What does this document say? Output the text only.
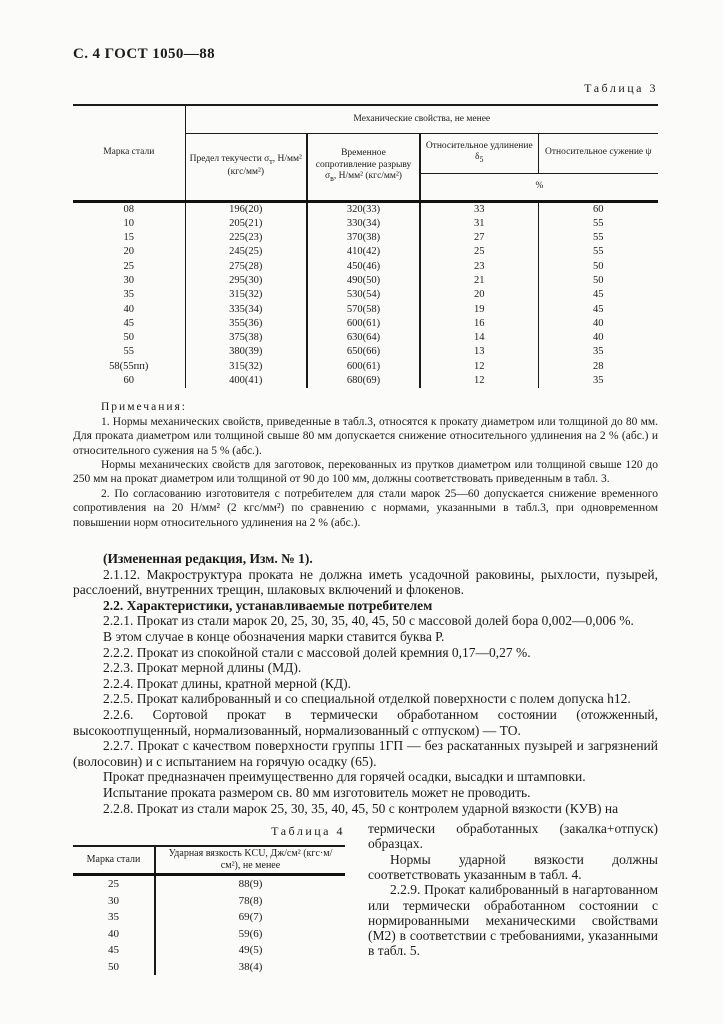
С. 4 ГОСТ 1050—88
Таблица 3
Марка стали	Механические свойства, не менее			
	Предел текучести $\sigma_т$, Н/мм² (кгс/мм²)	Временное сопротивление разрыву $\sigma_в$, Н/мм² (кгс/мм²)	Относительное удлинение $\delta_5$	Относительное сужение ψ
			%	
08	196(20)	320(33)	33	60
10	205(21)	330(34)	31	55
15	225(23)	370(38)	27	55
20	245(25)	410(42)	25	55
25	275(28)	450(46)	23	50
30	295(30)	490(50)	21	50
35	315(32)	530(54)	20	45
40	335(34)	570(58)	19	45
45	355(36)	600(61)	16	40
50	375(38)	630(64)	14	40
55	380(39)	650(66)	13	35
58(55пп)	315(32)	600(61)	12	28
60	400(41)	680(69)	12	35
Примечания:

1. Нормы механических свойств, приведенные в табл.3, относятся к прокату диаметром или толщиной до 80 мм. Для проката диаметром или толщиной свыше 80 мм допускается снижение относительного удлинения на 2 % (абс.) и относительного сужения на 5 % (абс.).

Нормы механических свойств для заготовок, перекованных из прутков диаметром или толщиной свыше 120 до 250 мм на прокат диаметром или толщиной от 90 до 100 мм, должны соответствовать приведенным в табл. 3.

2. По согласованию изготовителя с потребителем для стали марок 25—60 допускается снижение временного сопротивления на 20 Н/мм² (2 кгс/мм²) по сравнению с нормами, указанными в табл.3, при одновременном повышении норм относительного удлинения на 2 % (абс.).

(Измененная редакция, Изм. № 1).

2.1.12. Макроструктура проката не должна иметь усадочной раковины, рыхлости, пузырей, расслоений, внутренних трещин, шлаковых включений и флокенов.

2.2. Характеристики, устанавливаемые потребителем

2.2.1. Прокат из стали марок 20, 25, 30, 35, 40, 45, 50 с массовой долей бора 0,002—0,006 %.

В этом случае в конце обозначения марки ставится буква Р.

2.2.2. Прокат из спокойной стали с массовой долей кремния 0,17—0,27 %.

2.2.3. Прокат мерной длины (МД).

2.2.4. Прокат длины, кратной мерной (КД).

2.2.5. Прокат калиброванный и со специальной отделкой поверхности с полем допуска h12.

2.2.6. Сортовой прокат в термически обработанном состоянии (отожженный, высокоотпущенный, нормализованный, нормализованный с отпуском) — ТО.

2.2.7. Прокат с качеством поверхности группы 1ГП — без раскатанных пузырей и загрязнений (волосовин) и с испытанием на горячую осадку (65).

Прокат предназначен преимущественно для горячей осадки, высадки и штамповки.

Испытание проката размером св. 80 мм изготовитель может не проводить.

2.2.8. Прокат из стали марок 25, 30, 35, 40, 45, 50 с контролем ударной вязкости (КУВ) на

Таблица 4
Марка стали	Ударная вязкость KCU, Дж/см² (кгс·м/см²), не менее
25	88(9)
30	78(8)
35	69(7)
40	59(6)
45	49(5)
50	38(4)

термически обработанных (закалка+отпуск) образцах.

Нормы ударной вязкости должны соответствовать указанным в табл. 4.

2.2.9. Прокат калиброванный в нагартованном или термически обработанном состоянии с нормированными механическими свойствами (М2) в соответствии с требованиями, указанными в табл. 5.
